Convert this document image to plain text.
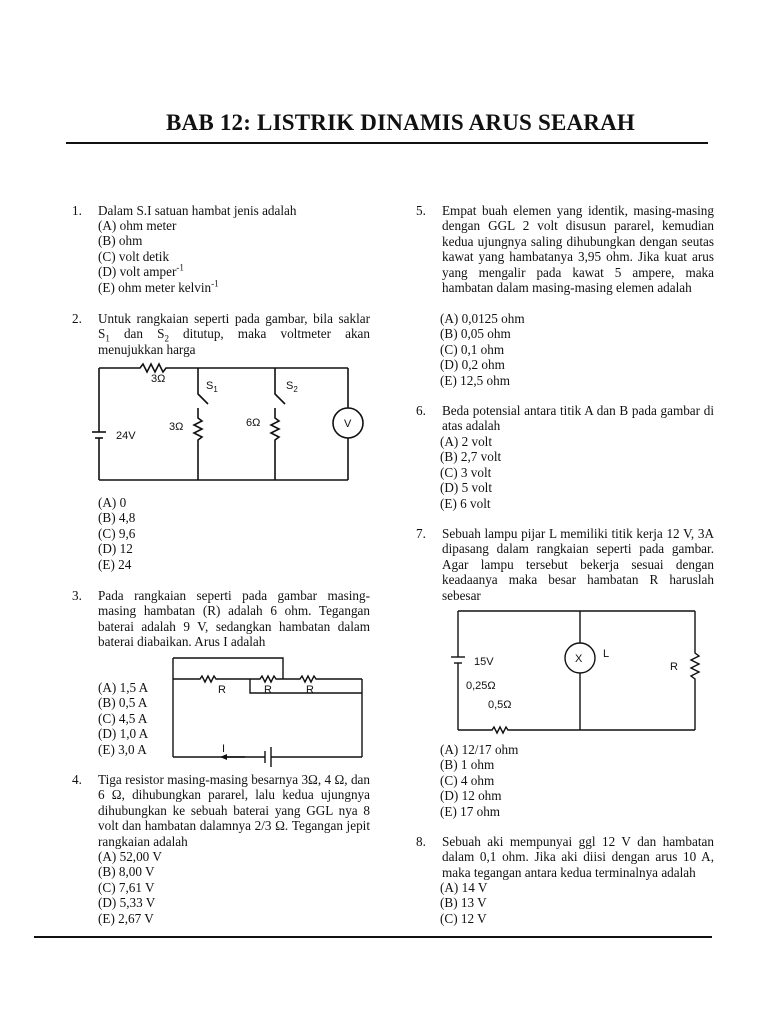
BAB 12: LISTRIK DINAMIS ARUS SEARAH
1. Dalam S.I satuan hambat jenis adalah
(A) ohm meter
(B) ohm
(C) volt detik
(D) volt amper$^{-1}$
(E) ohm meter kelvin$^{-1}$
2. Untuk rangkaian seperti pada gambar, bila saklar $S_1$ dan $S_2$ ditutup, maka voltmeter akan menujukkan harga
3Ω
$S_1$	$S_2$
3Ω	6Ω
24V
V
(A) 0
(B) 4,8
(C) 9,6
(D) 12
(E) 24
3. Pada rangkaian seperti pada gambar masing-masing hambatan (R) adalah 6 ohm. Tegangan baterai adalah 9 V, sedangkan hambatan dalam baterai diabaikan. Arus I adalah
R	R	R
I
(A) 1,5 A
(B) 0,5 A
(C) 4,5 A
(D) 1,0 A
(E) 3,0 A
4. Tiga resistor masing-masing besarnya 3Ω, 4 Ω, dan 6 Ω, dihubungkan pararel, lalu kedua ujungnya dihubungkan ke sebuah baterai yang GGL nya 8 volt dan hambatan dalamnya 2/3 Ω. Tegangan jepit rangkaian adalah
(A) 52,00 V
(B) 8,00 V
(C) 7,61 V
(D) 5,33 V
(E) 2,67 V
5. Empat buah elemen yang identik, masing-masing dengan GGL 2 volt disusun pararel, kemudian kedua ujungnya saling dihubungkan dengan seutas kawat yang hambatanya 3,95 ohm. Jika kuat arus yang mengalir pada kawat 5 ampere, maka hambatan dalam masing-masing elemen adalah
(A) 0,0125 ohm
(B) 0,05 ohm
(C) 0,1 ohm
(D) 0,2 ohm
(E) 12,5 ohm
6. Beda potensial antara titik A dan B pada gambar di atas adalah
(A) 2 volt
(B) 2,7 volt
(C) 3 volt
(D) 5 volt
(E) 6 volt
7. Sebuah lampu pijar L memiliki titik kerja 12 V, 3A dipasang dalam rangkaian seperti pada gambar. Agar lampu tersebut bekerja sesuai dengan keadaanya maka besar hambatan R haruslah sebesar
15V
0,25Ω
0,5Ω
X L
R
(A) 12/17 ohm
(B) 1 ohm
(C) 4 ohm
(D) 12 ohm
(E) 17 ohm
8. Sebuah aki mempunyai ggl 12 V dan hambatan dalam 0,1 ohm. Jika aki diisi dengan arus 10 A, maka tegangan antara kedua terminalnya adalah
(A) 14 V
(B) 13 V
(C) 12 V
